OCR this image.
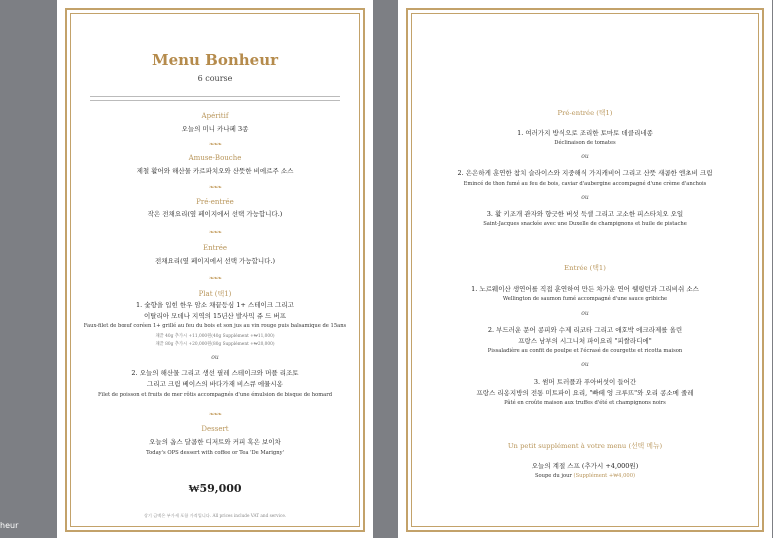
Menu Bonheur
6 course
Apéritif
오늘의 미니 카나페 3종
❧❧❧
Amuse-Bouche
제철 활어와 해산물 카르파치오와 산뜻한 비에르주 소스
❧❧❧
Pré-entrée
작은 전채요리(옆 페이지에서 선택 가능합니다.)
❧❧❧
Entrée
전채요리(옆 페이지에서 선택 가능합니다.)
❧❧❧
Plat (택1)
1. 숯향을 입힌 한우 암소 채끝등심 1+ 스테이크 그리고
이탈리아 모데나 지역의 15년산 발사믹 쥬 드 버프
Faux-filet de bœuf coréen 1+ grillé au feu du bois et son jus au vin rouge puis balsamique de 15ans
채끝 40g 추가시 +11,000원(40g Supplément +₩11,000)
채끝 80g 추가시 +20,000원(80g Supplément +₩20,000)
ou
2. 오늘의 해산물 그리고 생선 필레 스테이크와 머플 리조토
그리고 크림 베이스의 바다가재 비스큐 에뮬시옹
Filet de poisson et fruits de mer rôtis accompagnés d'une émulsion de bisque de homard
❧❧❧
Dessert
오늘의 옵스 달콤한 디저트와 커피 혹은 보이차
Today's OPS dessert with coffee or Tea 'De Marigny'
₩59,000
상기 금액은 부가세 포함 가격입니다. All prices include VAT and service.
Pré-entrée (택1)
1. 여러가지 방식으로 조리한 토마토 데클리네종
Déclinaison de tomates
ou
2. 은은하게 훈연한 참치 슬라이스와 지중해식 가지캐비어 그리고 산뜻 새콤한 엔초비 크림
Emincé de thon fumé au feu de bois, caviar d'aubergine accompagné d'une crème d'anchois
ou
3. 활 키조개 관자와 향긋한 버섯 둑셀 그리고 고소한 피스타치오 오일
Saint-Jacques snackée avec une Duxelle de champignons et huile de pistache
Entrée (택1)
1. 노르웨이산 생연어를 직접 훈연하여 만든 차가운 연어 웰링턴과 그리비쉬 소스
Wellington de saumon fumé accompagné d'une sauce gribiche
ou
2. 부드러운 문어 콩피와 수제 리코타 그리고 애호박 에크라제를 올린
프랑스 남부의 시그니처 파이요리 "피쌀라디에"
Pissaladière au confit de poulpe et l'écrasé de courgette et ricotta maison
ou
3. 썸머 트러플과 푸아버섯이 들어간
프랑스 리옹지방의 전통 미트파이 요리, "빠떼 엉 크루뜨"와 오리 콩소메 줄레
Pâté en croûte maison aux truffes d'été et champignons noirs
Un petit supplément à votre menu (선택 메뉴)
오늘의 계절 스프 (추가시 +4,000원)
Soupe du jour (Supplément +₩4,000)
heur
